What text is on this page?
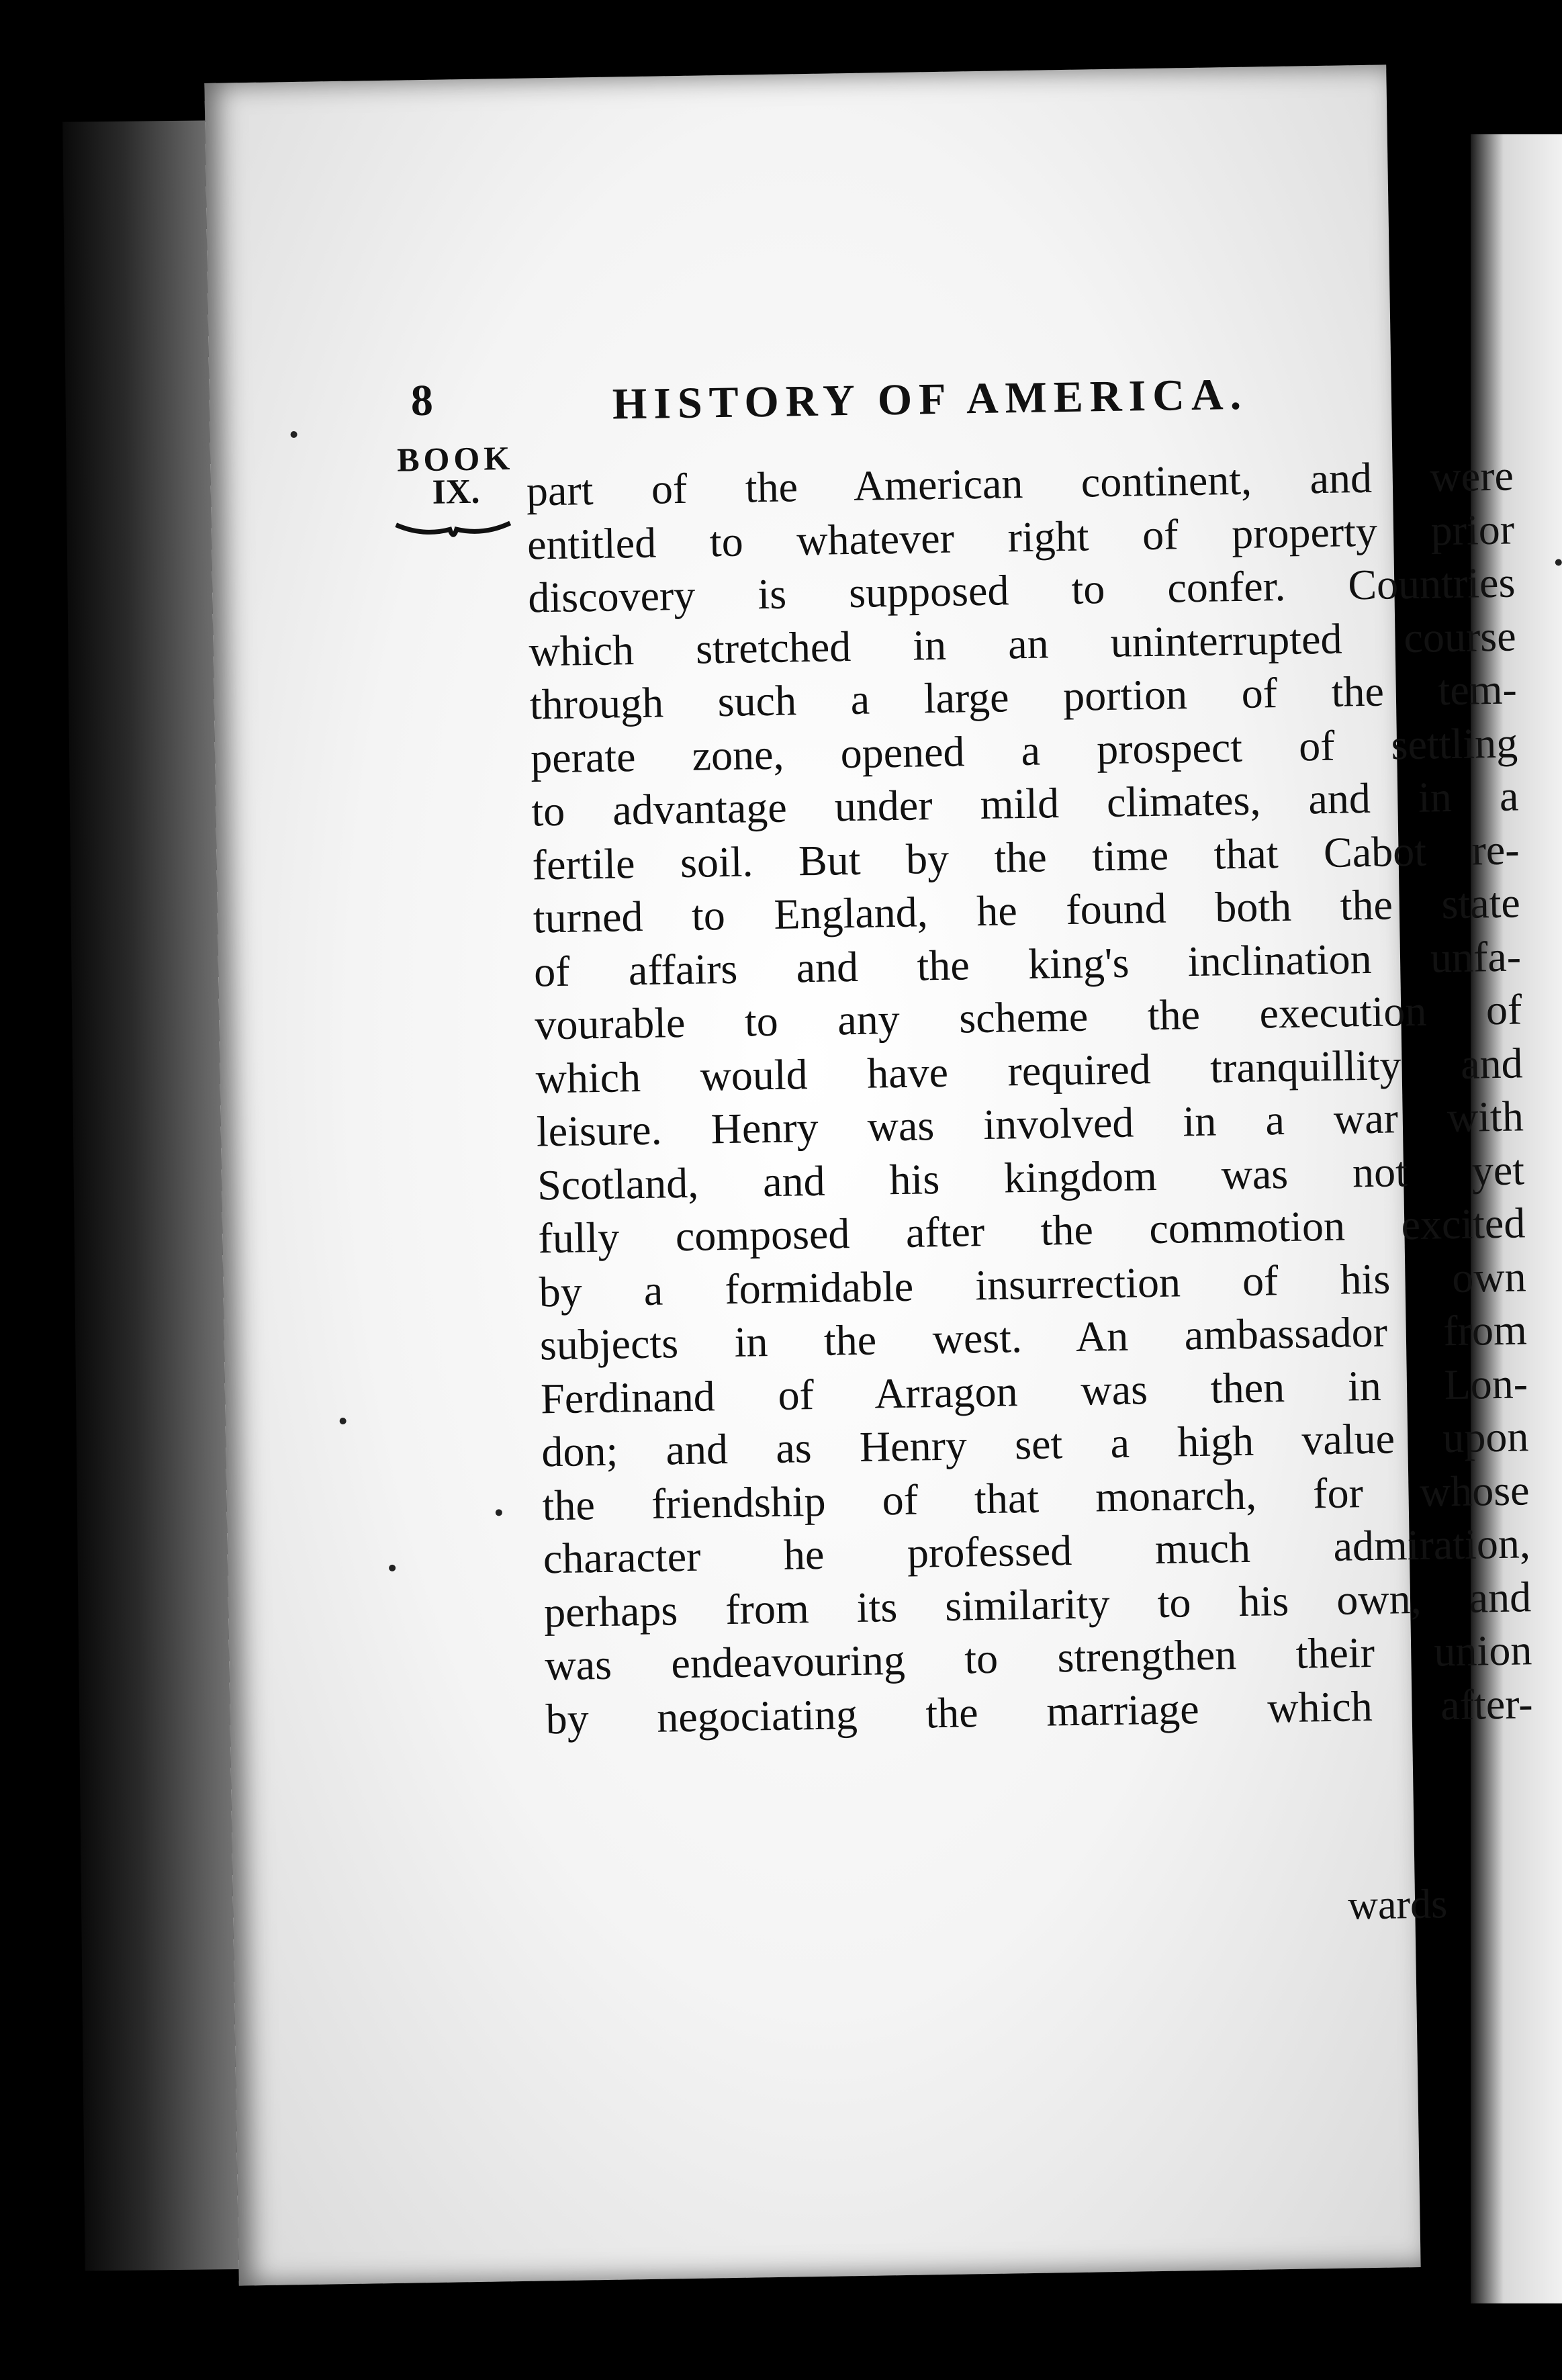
8	HISTORY OF AMERICA.
BOOK
IX.	part of the American continent, and were
entitled to whatever right of property prior
discovery is supposed to confer. Countries
which stretched in an uninterrupted course
through such a large portion of the tem-
perate zone, opened a prospect of settling
to advantage under mild climates, and in a
fertile soil. But by the time that Cabot re-
turned to England, he found both the state
of affairs and the king's inclination unfa-
vourable to any scheme the execution of
which would have required tranquillity and
leisure. Henry was involved in a war with
Scotland, and his kingdom was not yet
fully composed after the commotion excited
by a formidable insurrection of his own
subjects in the west. An ambassador from
Ferdinand of Arragon was then in Lon-
don; and as Henry set a high value upon
the friendship of that monarch, for whose
character he professed much admiration,
perhaps from its similarity to his own, and
was endeavouring to strengthen their union
by negociating the marriage which after-
wards
